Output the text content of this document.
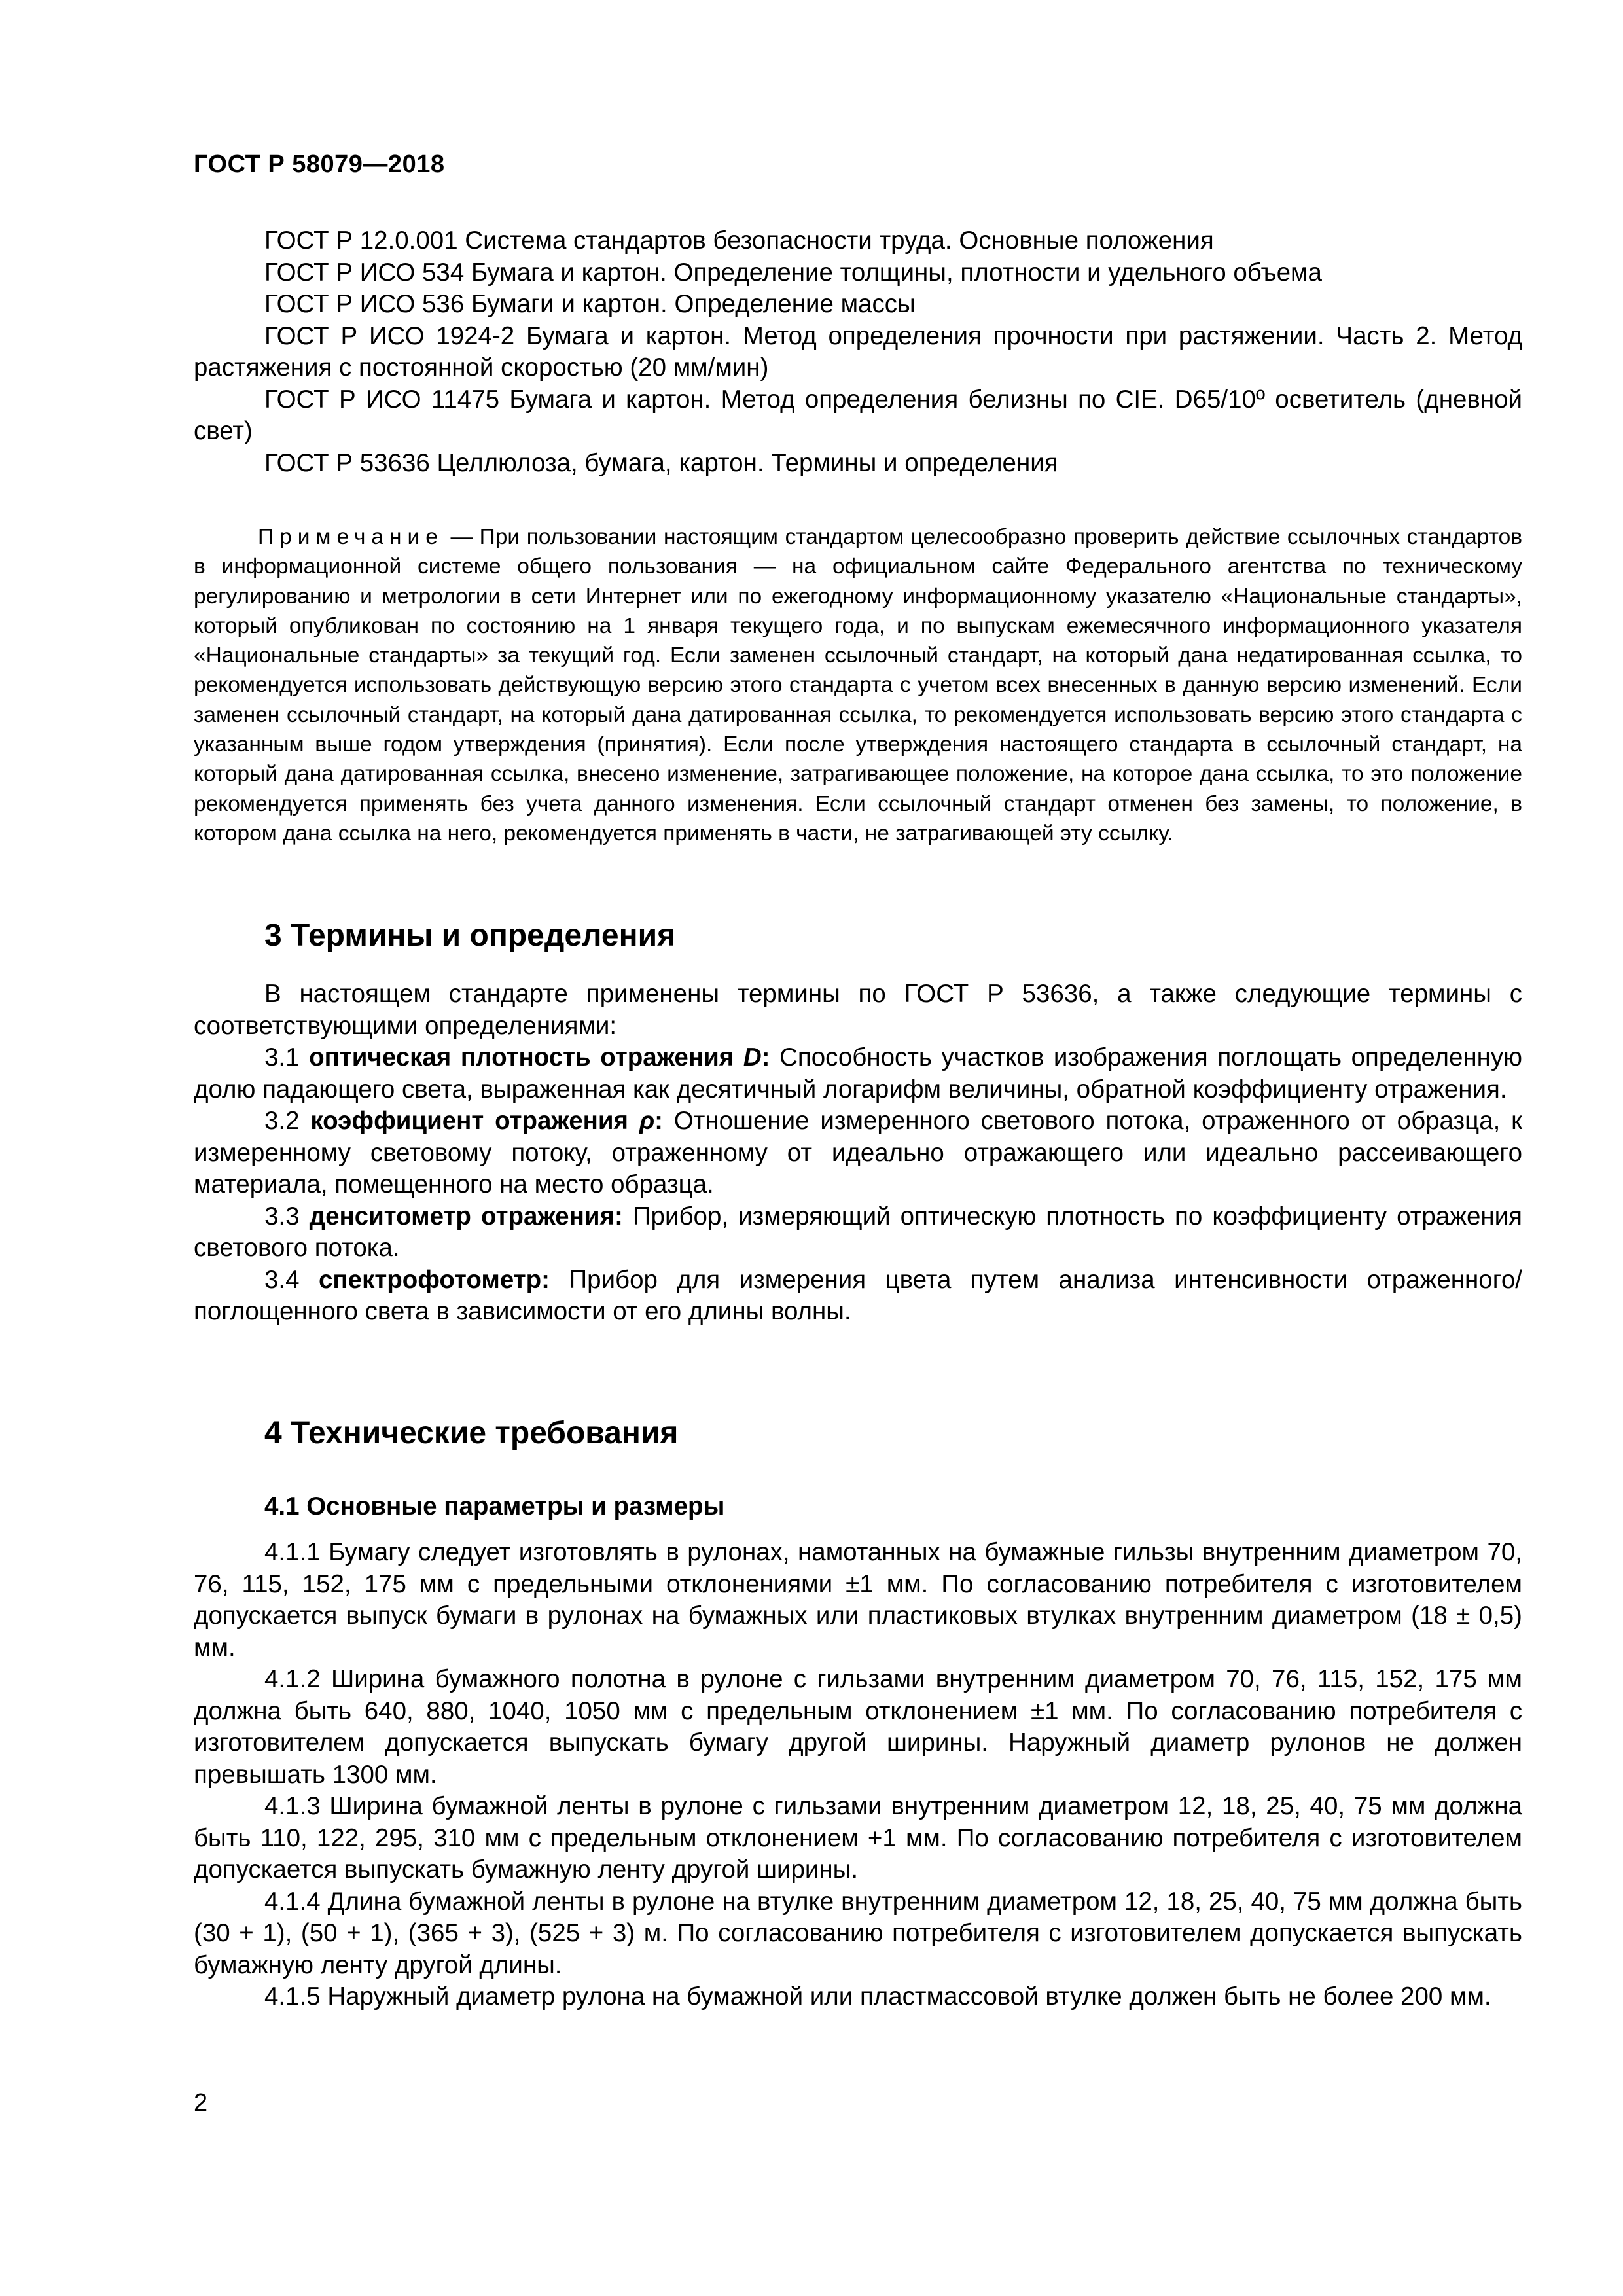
ГОСТ Р 58079—2018

ГОСТ Р 12.0.001 Система стандартов безопасности труда. Основные положения

ГОСТ Р ИСО 534 Бумага и картон. Определение толщины, плотности и удельного объема

ГОСТ Р ИСО 536 Бумаги и картон. Определение массы

ГОСТ Р ИСО 1924-2 Бумага и картон. Метод определения прочности при растяжении. Часть 2. Метод растяжения с постоянной скоростью (20 мм/мин)

ГОСТ Р ИСО 11475 Бумага и картон. Метод определения белизны по CIE. D65/10º осветитель (дневной свет)

ГОСТ Р 53636 Целлюлоза, бумага, картон. Термины и определения

Примечание — При пользовании настоящим стандартом целесообразно проверить действие ссылочных стандартов в информационной системе общего пользования — на официальном сайте Федерального агентства по техническому регулированию и метрологии в сети Интернет или по ежегодному информационному указателю «Национальные стандарты», который опубликован по состоянию на 1 января текущего года, и по выпускам ежемесячного информационного указателя «Национальные стандарты» за текущий год. Если заменен ссылочный стандарт, на который дана недатированная ссылка, то рекомендуется использовать действующую версию этого стандарта с учетом всех внесенных в данную версию изменений. Если заменен ссылочный стандарт, на который дана датированная ссылка, то рекомендуется использовать версию этого стандарта с указанным выше годом утверждения (принятия). Если после утверждения настоящего стандарта в ссылочный стандарт, на который дана датированная ссылка, внесено изменение, затрагивающее положение, на которое дана ссылка, то это положение рекомендуется применять без учета данного изменения. Если ссылочный стандарт отменен без замены, то положение, в котором дана ссылка на него, рекомендуется применять в части, не затрагивающей эту ссылку.

3 Термины и определения

В настоящем стандарте применены термины по ГОСТ Р 53636, а также следующие термины с соответствующими определениями:

3.1 оптическая плотность отражения D: Способность участков изображения поглощать определенную долю падающего света, выраженная как десятичный логарифм величины, обратной коэффициенту отражения.

3.2 коэффициент отражения ρ: Отношение измеренного светового потока, отраженного от образца, к измеренному световому потоку, отраженному от идеально отражающего или идеально рассеивающего материала, помещенного на место образца.

3.3 денситометр отражения: Прибор, измеряющий оптическую плотность по коэффициенту отражения светового потока.

3.4 спектрофотометр: Прибор для измерения цвета путем анализа интенсивности отраженного/поглощенного света в зависимости от его длины волны.

4 Технические требования
4.1 Основные параметры и размеры

4.1.1 Бумагу следует изготовлять в рулонах, намотанных на бумажные гильзы внутренним диаметром 70, 76, 115, 152, 175 мм с предельными отклонениями ±1 мм. По согласованию потребителя с изготовителем допускается выпуск бумаги в рулонах на бумажных или пластиковых втулках внутренним диаметром (18 ± 0,5) мм.

4.1.2 Ширина бумажного полотна в рулоне с гильзами внутренним диаметром 70, 76, 115, 152, 175 мм должна быть 640, 880, 1040, 1050 мм с предельным отклонением ±1 мм. По согласованию потребителя с изготовителем допускается выпускать бумагу другой ширины. Наружный диаметр рулонов не должен превышать 1300 мм.

4.1.3 Ширина бумажной ленты в рулоне с гильзами внутренним диаметром 12, 18, 25, 40, 75 мм должна быть 110, 122, 295, 310 мм с предельным отклонением +1 мм. По согласованию потребителя с изготовителем допускается выпускать бумажную ленту другой ширины.

4.1.4 Длина бумажной ленты в рулоне на втулке внутренним диаметром 12, 18, 25, 40, 75 мм должна быть (30 + 1), (50 + 1), (365 + 3), (525 + 3) м. По согласованию потребителя с изготовителем допускается выпускать бумажную ленту другой длины.

4.1.5 Наружный диаметр рулона на бумажной или пластмассовой втулке должен быть не более 200 мм.

2
